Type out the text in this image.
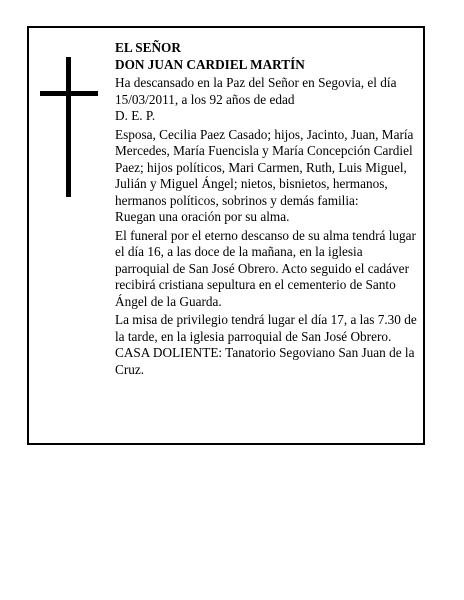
EL SEÑOR

DON JUAN CARDIEL MARTÍN

Ha descansado en la Paz del Señor en Segovia, el día 15/03/2011, a los 92 años de edad

D. E. P.

Esposa, Cecilia Paez Casado; hijos, Jacinto, Juan, María Mercedes, María Fuencisla y María Concepción Cardiel Paez; hijos políticos, Mari Carmen, Ruth, Luis Miguel, Julián y Miguel Ángel; nietos, bisnietos, hermanos, hermanos políticos, sobrinos y demás familia:

Ruegan una oración por su alma.

El funeral por el eterno descanso de su alma tendrá lugar el día 16, a las doce de la mañana, en la iglesia parroquial de San José Obrero. Acto seguido el cadáver recibirá cristiana sepultura en el cementerio de Santo Ángel de la Guarda.

La misa de privilegio tendrá lugar el día 17, a las 7.30 de la tarde, en la iglesia parroquial de San José Obrero.

CASA DOLIENTE: Tanatorio Segoviano San Juan de la Cruz.
